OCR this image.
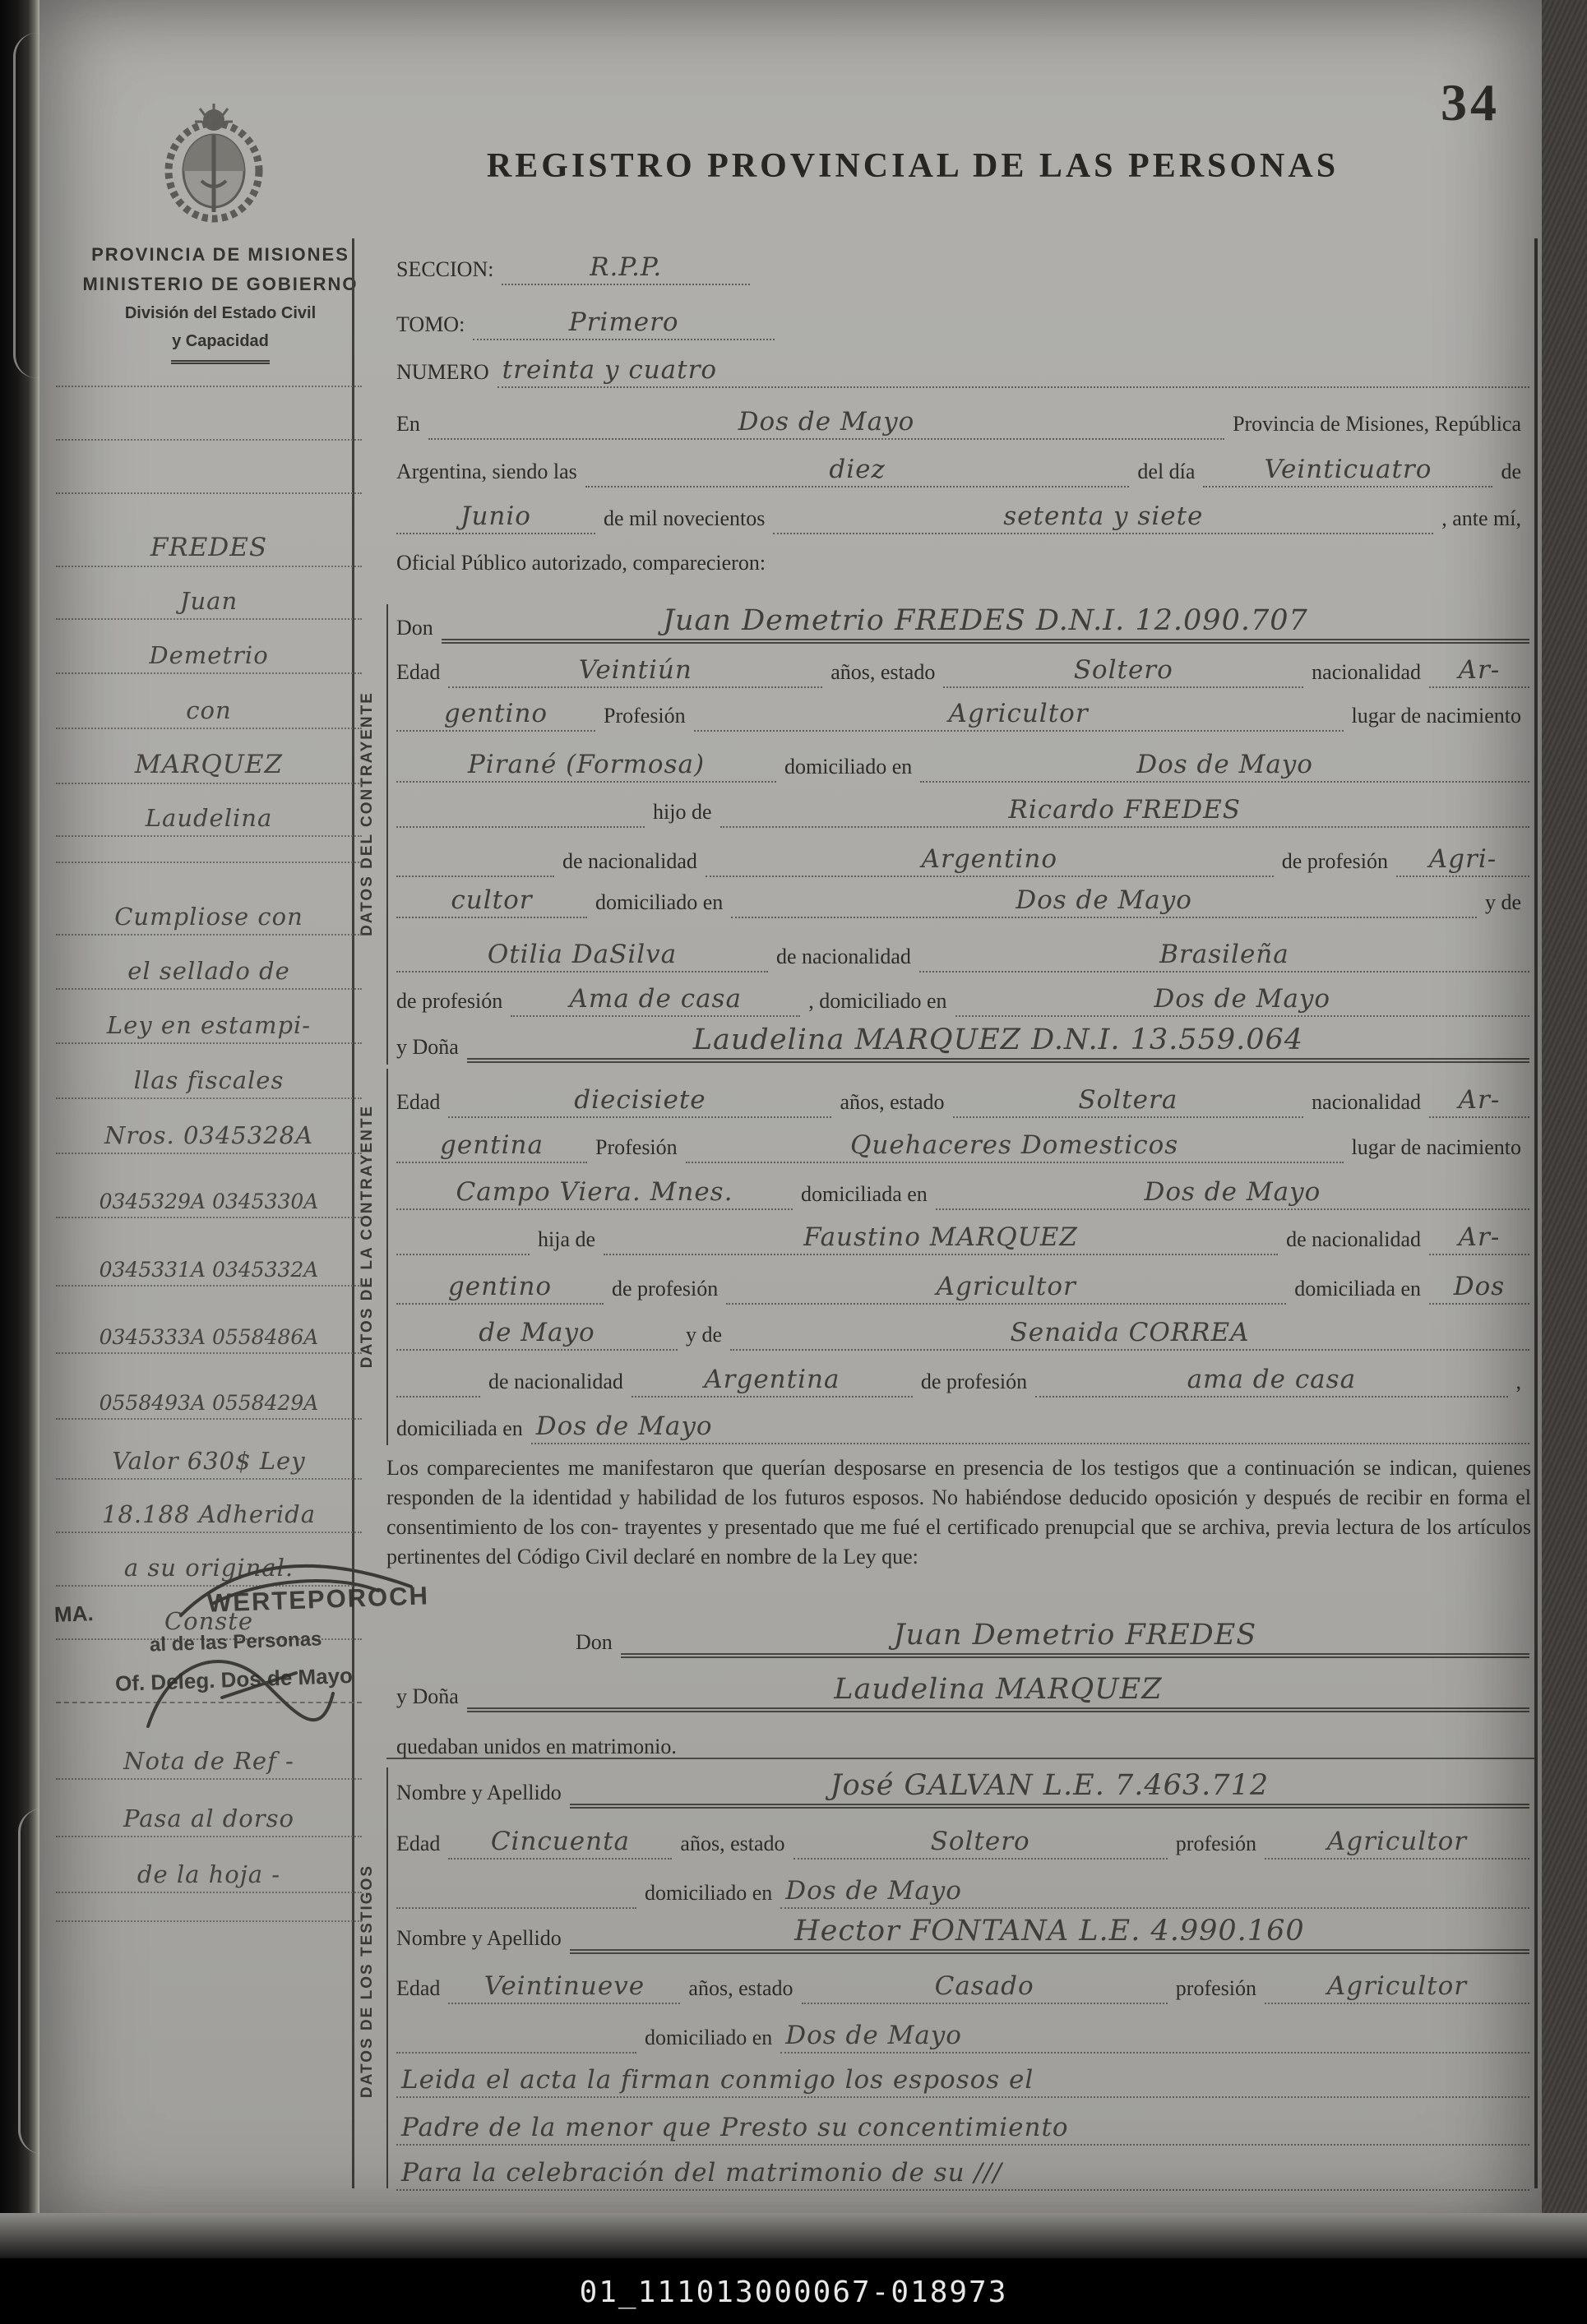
34
REGISTRO PROVINCIAL DE LAS PERSONAS
PROVINCIA DE MISIONES
MINISTERIO DE GOBIERNO
División del Estado Civil
y Capacidad
DATOS DEL CONTRAYENTE
DATOS DE LA CONTRAYENTE
DATOS DE LOS TESTIGOS
FREDES
Juan
Demetrio
con
MARQUEZ
Laudelina
Cumpliose con
el sellado de
Ley en estampi-
llas fiscales
Nros. 0345328A
0345329A 0345330A
0345331A 0345332A
0345333A 0558486A
0558493A 0558429A
Valor 630$ Ley
18.188 Adherida
a su original.
Conste
Nota de Ref -
Pasa al dorso
de la hoja -
SECCION:	R.P.P.
TOMO:	Primero
NUMERO treinta y cuatro
En	Dos de Mayo	Provincia de Misiones, República
Argentina, siendo las	diez	del día	Veinticuatro	de
Junio	de mil novecientos	setenta y siete	, ante mí,
Oficial Público autorizado, comparecieron:
Don	Juan Demetrio FREDES D.N.I. 12.090.707
Edad	Veintiún	años, estado	Soltero	nacionalidad	Ar-
gentino	Profesión	Agricultor	lugar de nacimiento
Pirané (Formosa)	domiciliado en	Dos de Mayo
hijo de	Ricardo FREDES
de nacionalidad	Argentino	de profesión	Agri-
cultor	domiciliado en	Dos de Mayo	y de
Otilia DaSilva	de nacionalidad	Brasileña
de profesión	Ama de casa	, domiciliado en	Dos de Mayo
y Doña	Laudelina MARQUEZ D.N.I. 13.559.064
Edad	diecisiete	años, estado	Soltera	nacionalidad	Ar-
gentina	Profesión	Quehaceres Domesticos	lugar de nacimiento
Campo Viera. Mnes.	domiciliada en	Dos de Mayo
hija de	Faustino MARQUEZ	de nacionalidad	Ar-
gentino	de profesión	Agricultor	domiciliada en	Dos
de Mayo	y de	Senaida CORREA
de nacionalidad	Argentina	de profesión	ama de casa	,
domiciliada en Dos de Mayo
Los comparecientes me manifestaron que querían desposarse en presencia de los testigos que a continuación se indican, quienes responden de la identidad y habilidad de los futuros esposos. No habiéndose deducido oposición y después de recibir en forma el consentimiento de los con- trayentes y presentado que me fué el certificado prenupcial que se archiva, previa lectura de los artículos pertinentes del Código Civil declaré en nombre de la Ley que:
MA.	WERTEPOROCH
al de las Personas
Of. Deleg. Dos de Mayo
Don	Juan Demetrio FREDES
y Doña	Laudelina MARQUEZ
quedaban unidos en matrimonio.
Nombre y Apellido	José GALVAN L.E. 7.463.712
Edad	Cincuenta	años, estado	Soltero	profesión	Agricultor
domiciliado en Dos de Mayo
Nombre y Apellido	Hector FONTANA L.E. 4.990.160
Edad	Veintinueve	años, estado	Casado	profesión	Agricultor
domiciliado en Dos de Mayo
Leida el acta la firman conmigo los esposos el
Padre de la menor que Presto su concentimiento
Para la celebración del matrimonio de su ///
01_111013000067-018973
